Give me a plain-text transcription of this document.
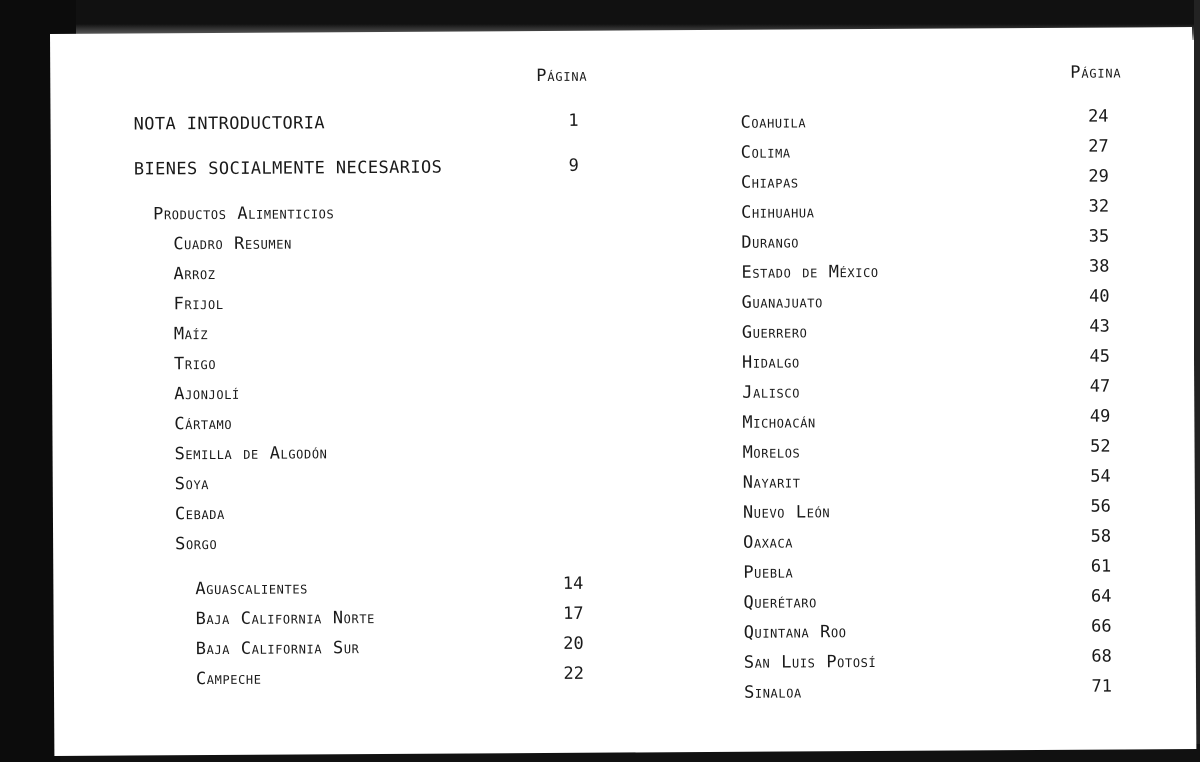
Página	Página
NOTA INTRODUCTORIA	1
BIENES SOCIALMENTE NECESARIOS	9
Productos Alimenticios
Cuadro Resumen
Arroz
Frijol
Maíz
Trigo
Ajonjolí
Cártamo
Semilla de Algodón
Soya
Cebada
Sorgo
Aguascalientes	14
Baja California Norte	17
Baja California Sur	20
Campeche	22
Coahuila	24
Colima	27
Chiapas	29
Chihuahua	32
Durango	35
Estado de México	38
Guanajuato	40
Guerrero	43
Hidalgo	45
Jalisco	47
Michoacán	49
Morelos	52
Nayarit	54
Nuevo León	56
Oaxaca	58
Puebla	61
Querétaro	64
Quintana Roo	66
San Luis Potosí	68
Sinaloa	71
